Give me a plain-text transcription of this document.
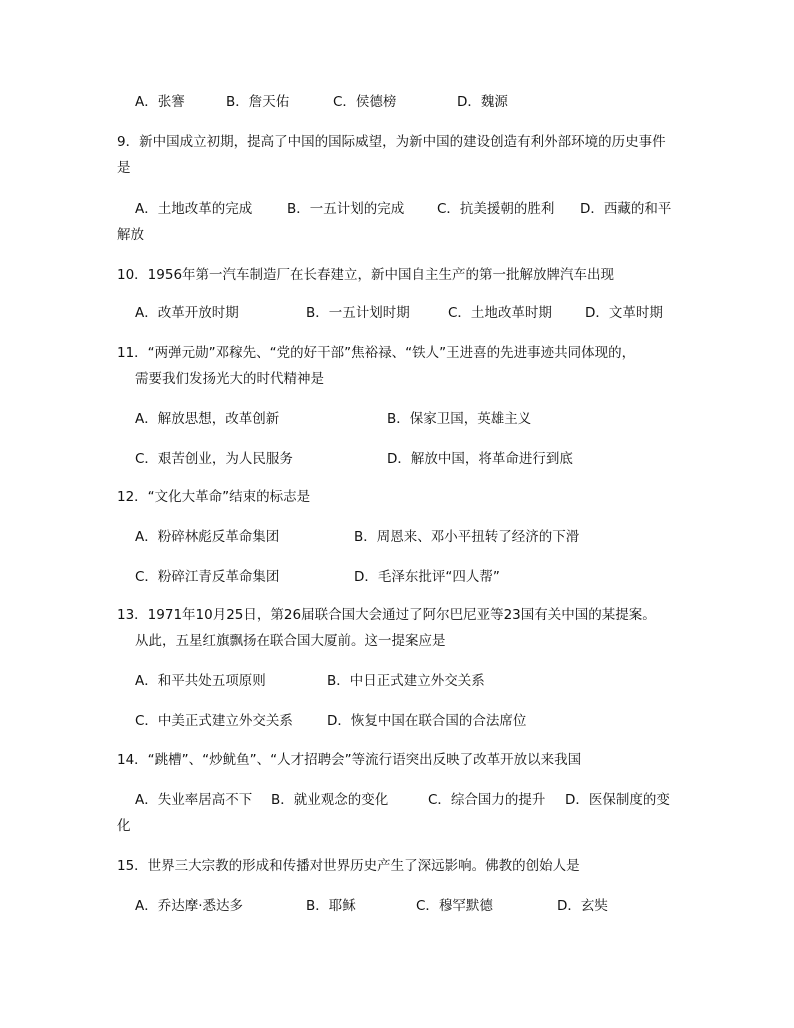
A．张謇	B．詹天佑	C．侯德榜	D．魏源
9．新中国成立初期，提高了中国的国际威望，为新中国的建设创造有利外部环境的历史事件
是
A．土地改革的完成	B．一五计划的完成 C．抗美援朝的胜利 D．西藏的和平
解放
10．1956年第一汽车制造厂在长春建立，新中国自主生产的第一批解放牌汽车出现
A．改革开放时期	B．一五计划时期	C．土地改革时期 D．文革时期
11．“两弹元勋”邓稼先、“党的好干部”焦裕禄、“铁人”王进喜的先进事迹共同体现的，
需要我们发扬光大的时代精神是
A．解放思想，改革创新	B．保家卫国，英雄主义
C．艰苦创业，为人民服务	D．解放中国，将革命进行到底
12．“文化大革命”结束的标志是
A．粉碎林彪反革命集团	B．周恩来、邓小平扭转了经济的下滑
C．粉碎江青反革命集团	D．毛泽东批评“四人帮”
13．1971年10月25日，第26届联合国大会通过了阿尔巴尼亚等23国有关中国的某提案。
从此，五星红旗飘扬在联合国大厦前。这一提案应是
A．和平共处五项原则	B．中日正式建立外交关系
C．中美正式建立外交关系	D．恢复中国在联合国的合法席位
14．“跳槽”、“炒鱿鱼”、“人才招聘会”等流行语突出反映了改革开放以来我国
A．失业率居高不下 B．就业观念的变化	C．综合国力的提升 D．医保制度的变
化
15．世界三大宗教的形成和传播对世界历史产生了深远影响。佛教的创始人是
A．乔达摩·悉达多	B．耶稣	C．穆罕默德	D．玄奘
